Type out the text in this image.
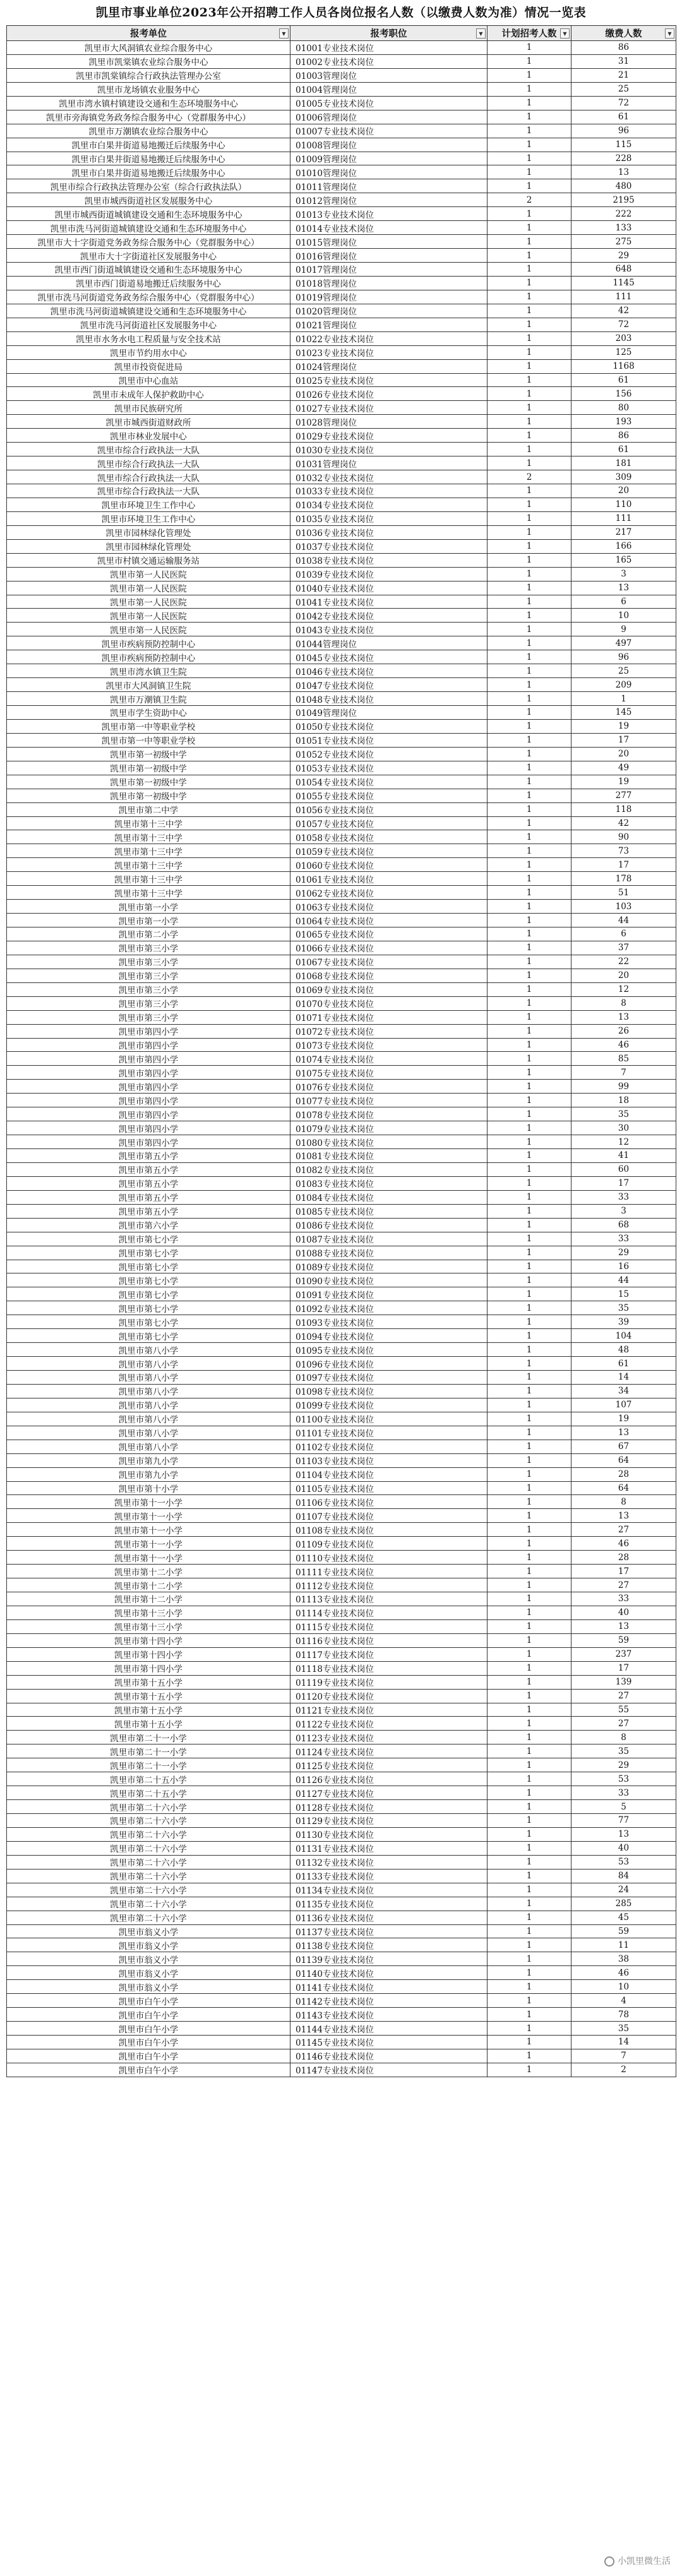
凯里市事业单位2023年公开招聘工作人员各岗位报名人数（以缴费人数为准）情况一览表
报考单位 ▼	报考职位 ▼	计划招考人数 ▼	缴费人数 ▼

凯里市大风洞镇农业综合服务中心	01001专业技术岗位	1	86
凯里市凯棠镇农业综合服务中心	01002专业技术岗位	1	31
凯里市凯棠镇综合行政执法管理办公室	01003管理岗位	1	21
凯里市龙场镇农业服务中心	01004管理岗位	1	25
凯里市湾水镇村镇建设交通和生态环境服务中心	01005专业技术岗位	1	72
凯里市旁海镇党务政务综合服务中心（党群服务中心）	01006管理岗位	1	61
凯里市万潮镇农业综合服务中心	01007专业技术岗位	1	96
凯里市白果井街道易地搬迁后续服务中心	01008管理岗位	1	115
凯里市白果井街道易地搬迁后续服务中心	01009管理岗位	1	228
凯里市白果井街道易地搬迁后续服务中心	01010管理岗位	1	13
凯里市综合行政执法管理办公室（综合行政执法队）	01011管理岗位	1	480
凯里市城西街道社区发展服务中心	01012管理岗位	2	2195
凯里市城西街道城镇建设交通和生态环境服务中心	01013专业技术岗位	1	222
凯里市洗马河街道城镇建设交通和生态环境服务中心	01014专业技术岗位	1	133
凯里市大十字街道党务政务综合服务中心（党群服务中心）	01015管理岗位	1	275
凯里市大十字街道社区发展服务中心	01016管理岗位	1	29
凯里市西门街道城镇建设交通和生态环境服务中心	01017管理岗位	1	648
凯里市西门街道易地搬迁后续服务中心	01018管理岗位	1	1145
凯里市洗马河街道党务政务综合服务中心（党群服务中心）	01019管理岗位	1	111
凯里市洗马河街道城镇建设交通和生态环境服务中心	01020管理岗位	1	42
凯里市洗马河街道社区发展服务中心	01021管理岗位	1	72
凯里市水务水电工程质量与安全技术站	01022专业技术岗位	1	203
凯里市节约用水中心	01023专业技术岗位	1	125
凯里市投资促进局	01024管理岗位	1	1168
凯里市中心血站	01025专业技术岗位	1	61
凯里市未成年人保护救助中心	01026专业技术岗位	1	156
凯里市民族研究所	01027专业技术岗位	1	80
凯里市城西街道财政所	01028管理岗位	1	193
凯里市林业发展中心	01029专业技术岗位	1	86
凯里市综合行政执法一大队	01030专业技术岗位	1	61
凯里市综合行政执法一大队	01031管理岗位	1	181
凯里市综合行政执法一大队	01032专业技术岗位	2	309
凯里市综合行政执法一大队	01033专业技术岗位	1	20
凯里市环境卫生工作中心	01034专业技术岗位	1	110
凯里市环境卫生工作中心	01035专业技术岗位	1	111
凯里市园林绿化管理处	01036专业技术岗位	1	217
凯里市园林绿化管理处	01037专业技术岗位	1	166
凯里市村镇交通运输服务站	01038专业技术岗位	1	165
凯里市第一人民医院	01039专业技术岗位	1	3
凯里市第一人民医院	01040专业技术岗位	1	13
凯里市第一人民医院	01041专业技术岗位	1	6
凯里市第一人民医院	01042专业技术岗位	1	10
凯里市第一人民医院	01043专业技术岗位	1	9
凯里市疾病预防控制中心	01044管理岗位	1	497
凯里市疾病预防控制中心	01045专业技术岗位	1	96
凯里市湾水镇卫生院	01046专业技术岗位	1	25
凯里市大风洞镇卫生院	01047专业技术岗位	1	209
凯里市万潮镇卫生院	01048专业技术岗位	1	1
凯里市学生资助中心	01049管理岗位	1	145
凯里市第一中等职业学校	01050专业技术岗位	1	19
凯里市第一中等职业学校	01051专业技术岗位	1	17
凯里市第一初级中学	01052专业技术岗位	1	20
凯里市第一初级中学	01053专业技术岗位	1	49
凯里市第一初级中学	01054专业技术岗位	1	19
凯里市第一初级中学	01055专业技术岗位	1	277
凯里市第二中学	01056专业技术岗位	1	118
凯里市第十三中学	01057专业技术岗位	1	42
凯里市第十三中学	01058专业技术岗位	1	90
凯里市第十三中学	01059专业技术岗位	1	73
凯里市第十三中学	01060专业技术岗位	1	17
凯里市第十三中学	01061专业技术岗位	1	178
凯里市第十三中学	01062专业技术岗位	1	51
凯里市第一小学	01063专业技术岗位	1	103
凯里市第一小学	01064专业技术岗位	1	44
凯里市第二小学	01065专业技术岗位	1	6
凯里市第三小学	01066专业技术岗位	1	37
凯里市第三小学	01067专业技术岗位	1	22
凯里市第三小学	01068专业技术岗位	1	20
凯里市第三小学	01069专业技术岗位	1	12
凯里市第三小学	01070专业技术岗位	1	8
凯里市第三小学	01071专业技术岗位	1	13
凯里市第四小学	01072专业技术岗位	1	26
凯里市第四小学	01073专业技术岗位	1	46
凯里市第四小学	01074专业技术岗位	1	85
凯里市第四小学	01075专业技术岗位	1	7
凯里市第四小学	01076专业技术岗位	1	99
凯里市第四小学	01077专业技术岗位	1	18
凯里市第四小学	01078专业技术岗位	1	35
凯里市第四小学	01079专业技术岗位	1	30
凯里市第四小学	01080专业技术岗位	1	12
凯里市第五小学	01081专业技术岗位	1	41
凯里市第五小学	01082专业技术岗位	1	60
凯里市第五小学	01083专业技术岗位	1	17
凯里市第五小学	01084专业技术岗位	1	33
凯里市第五小学	01085专业技术岗位	1	3
凯里市第六小学	01086专业技术岗位	1	68
凯里市第七小学	01087专业技术岗位	1	33
凯里市第七小学	01088专业技术岗位	1	29
凯里市第七小学	01089专业技术岗位	1	16
凯里市第七小学	01090专业技术岗位	1	44
凯里市第七小学	01091专业技术岗位	1	15
凯里市第七小学	01092专业技术岗位	1	35
凯里市第七小学	01093专业技术岗位	1	39
凯里市第七小学	01094专业技术岗位	1	104
凯里市第八小学	01095专业技术岗位	1	48
凯里市第八小学	01096专业技术岗位	1	61
凯里市第八小学	01097专业技术岗位	1	14
凯里市第八小学	01098专业技术岗位	1	34
凯里市第八小学	01099专业技术岗位	1	107
凯里市第八小学	01100专业技术岗位	1	19
凯里市第八小学	01101专业技术岗位	1	13
凯里市第八小学	01102专业技术岗位	1	67
凯里市第九小学	01103专业技术岗位	1	64
凯里市第九小学	01104专业技术岗位	1	28
凯里市第十小学	01105专业技术岗位	1	64
凯里市第十一小学	01106专业技术岗位	1	8
凯里市第十一小学	01107专业技术岗位	1	13
凯里市第十一小学	01108专业技术岗位	1	27
凯里市第十一小学	01109专业技术岗位	1	46
凯里市第十一小学	01110专业技术岗位	1	28
凯里市第十二小学	01111专业技术岗位	1	17
凯里市第十二小学	01112专业技术岗位	1	27
凯里市第十二小学	01113专业技术岗位	1	33
凯里市第十三小学	01114专业技术岗位	1	40
凯里市第十三小学	01115专业技术岗位	1	13
凯里市第十四小学	01116专业技术岗位	1	59
凯里市第十四小学	01117专业技术岗位	1	237
凯里市第十四小学	01118专业技术岗位	1	17
凯里市第十五小学	01119专业技术岗位	1	139
凯里市第十五小学	01120专业技术岗位	1	27
凯里市第十五小学	01121专业技术岗位	1	55
凯里市第十五小学	01122专业技术岗位	1	27
凯里市第二十一小学	01123专业技术岗位	1	8
凯里市第二十一小学	01124专业技术岗位	1	35
凯里市第二十一小学	01125专业技术岗位	1	29
凯里市第二十五小学	01126专业技术岗位	1	53
凯里市第二十五小学	01127专业技术岗位	1	33
凯里市第二十六小学	01128专业技术岗位	1	5
凯里市第二十六小学	01129专业技术岗位	1	77
凯里市第二十六小学	01130专业技术岗位	1	13
凯里市第二十六小学	01131专业技术岗位	1	40
凯里市第二十六小学	01132专业技术岗位	1	53
凯里市第二十六小学	01133专业技术岗位	1	84
凯里市第二十六小学	01134专业技术岗位	1	24
凯里市第二十六小学	01135专业技术岗位	1	285
凯里市第二十六小学	01136专业技术岗位	1	45
凯里市翁义小学	01137专业技术岗位	1	59
凯里市翁义小学	01138专业技术岗位	1	11
凯里市翁义小学	01139专业技术岗位	1	38
凯里市翁义小学	01140专业技术岗位	1	46
凯里市翁义小学	01141专业技术岗位	1	10
凯里市白午小学	01142专业技术岗位	1	4
凯里市白午小学	01143专业技术岗位	1	78
凯里市白午小学	01144专业技术岗位	1	35
凯里市白午小学	01145专业技术岗位	1	14
凯里市白午小学	01146专业技术岗位	1	7
凯里市白午小学	01147专业技术岗位	1	2
小凯里微生活
